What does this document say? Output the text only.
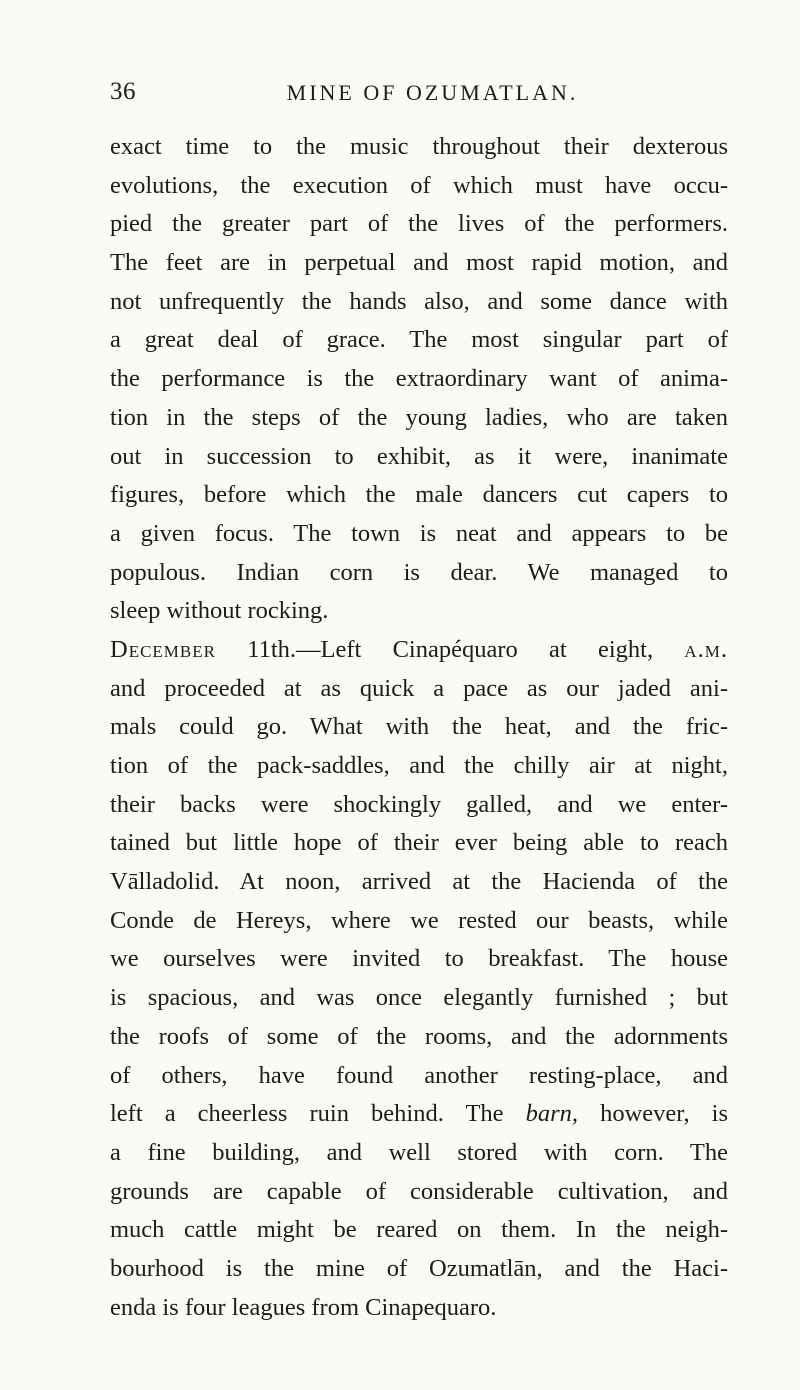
36	MINE OF OZUMATLAN.
exact time to the music throughout their dexterous
evolutions, the execution of which must have occu-
pied the greater part of the lives of the performers.
The feet are in perpetual and most rapid motion, and
not unfrequently the hands also, and some dance with
a great deal of grace. The most singular part of
the performance is the extraordinary want of anima-
tion in the steps of the young ladies, who are taken
out in succession to exhibit, as it were, inanimate
figures, before which the male dancers cut capers to
a given focus. The town is neat and appears to be
populous. Indian corn is dear. We managed to
sleep without rocking.
December 11th.—Left Cinapéquaro at eight, a.m.
and proceeded at as quick a pace as our jaded ani-
mals could go. What with the heat, and the fric-
tion of the pack-saddles, and the chilly air at night,
their backs were shockingly galled, and we enter-
tained but little hope of their ever being able to reach
Vālladolid. At noon, arrived at the Hacienda of the
Conde de Hereys, where we rested our beasts, while
we ourselves were invited to breakfast. The house
is spacious, and was once elegantly furnished ; but
the roofs of some of the rooms, and the adornments
of others, have found another resting-place, and
left a cheerless ruin behind. The barn, however, is
a fine building, and well stored with corn. The
grounds are capable of considerable cultivation, and
much cattle might be reared on them. In the neigh-
bourhood is the mine of Ozumatlān, and the Haci-
enda is four leagues from Cinapequaro.
